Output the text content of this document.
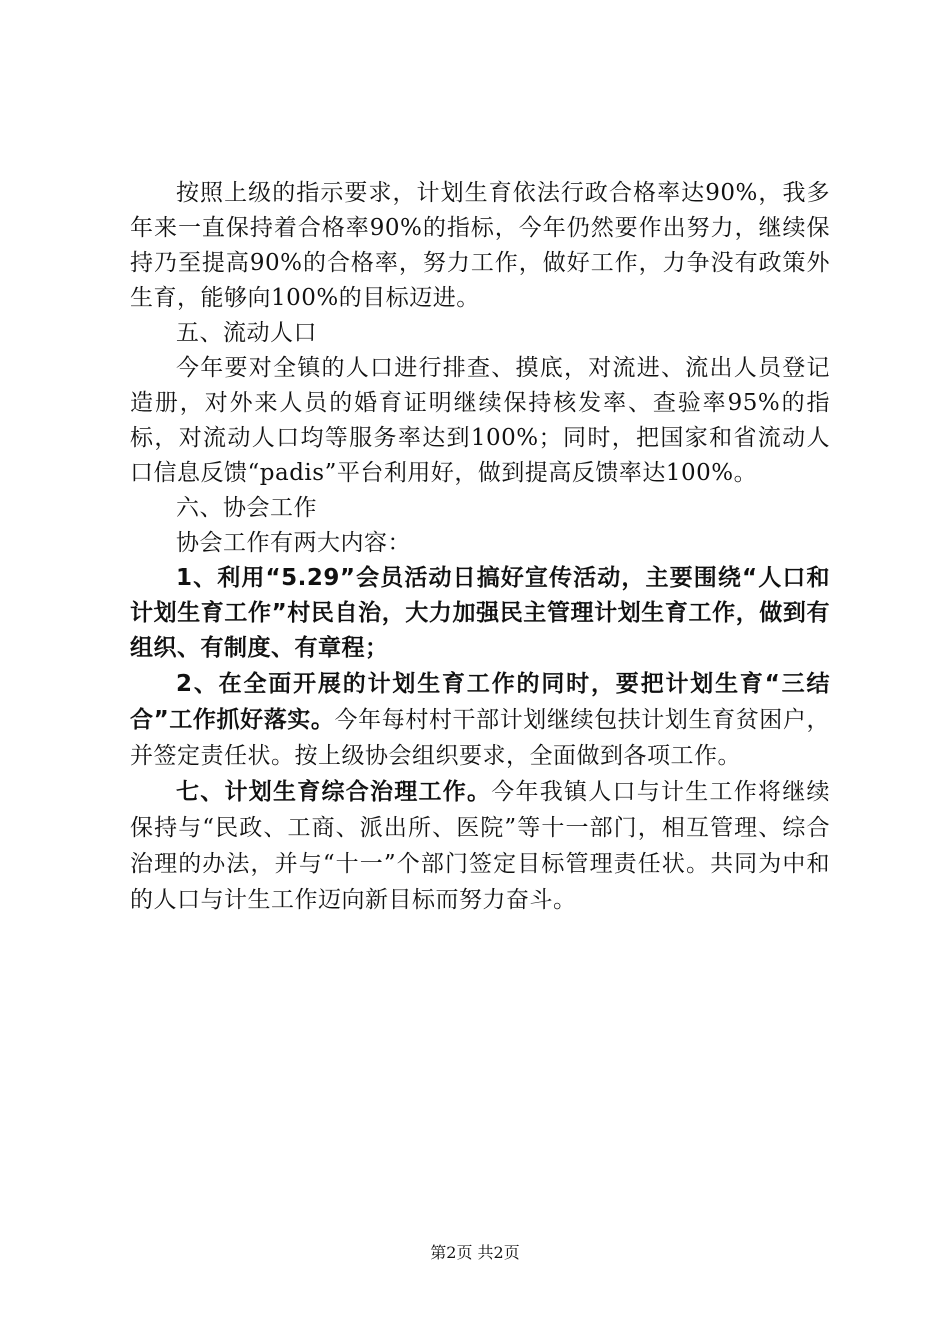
按照上级的指示要求，计划生育依法行政合格率达90%，我多年来一直保持着合格率90%的指标，今年仍然要作出努力，继续保持乃至提高90%的合格率，努力工作，做好工作，力争没有政策外生育，能够向100%的目标迈进。

五、流动人口

今年要对全镇的人口进行排查、摸底，对流进、流出人员登记造册，对外来人员的婚育证明继续保持核发率、查验率95%的指标，对流动人口均等服务率达到100%；同时，把国家和省流动人口信息反馈“padis”平台利用好，做到提高反馈率达100%。

六、协会工作

协会工作有两大内容：

1、利用“5.29”会员活动日搞好宣传活动，主要围绕“人口和计划生育工作”村民自治，大力加强民主管理计划生育工作，做到有组织、有制度、有章程；

2、在全面开展的计划生育工作的同时，要把计划生育“三结合”工作抓好落实。今年每村村干部计划继续包扶计划生育贫困户，并签定责任状。按上级协会组织要求，全面做到各项工作。

七、计划生育综合治理工作。今年我镇人口与计生工作将继续保持与“民政、工商、派出所、医院”等十一部门，相互管理、综合治理的办法，并与“十一”个部门签定目标管理责任状。共同为中和的人口与计生工作迈向新目标而努力奋斗。

第2页 共2页
